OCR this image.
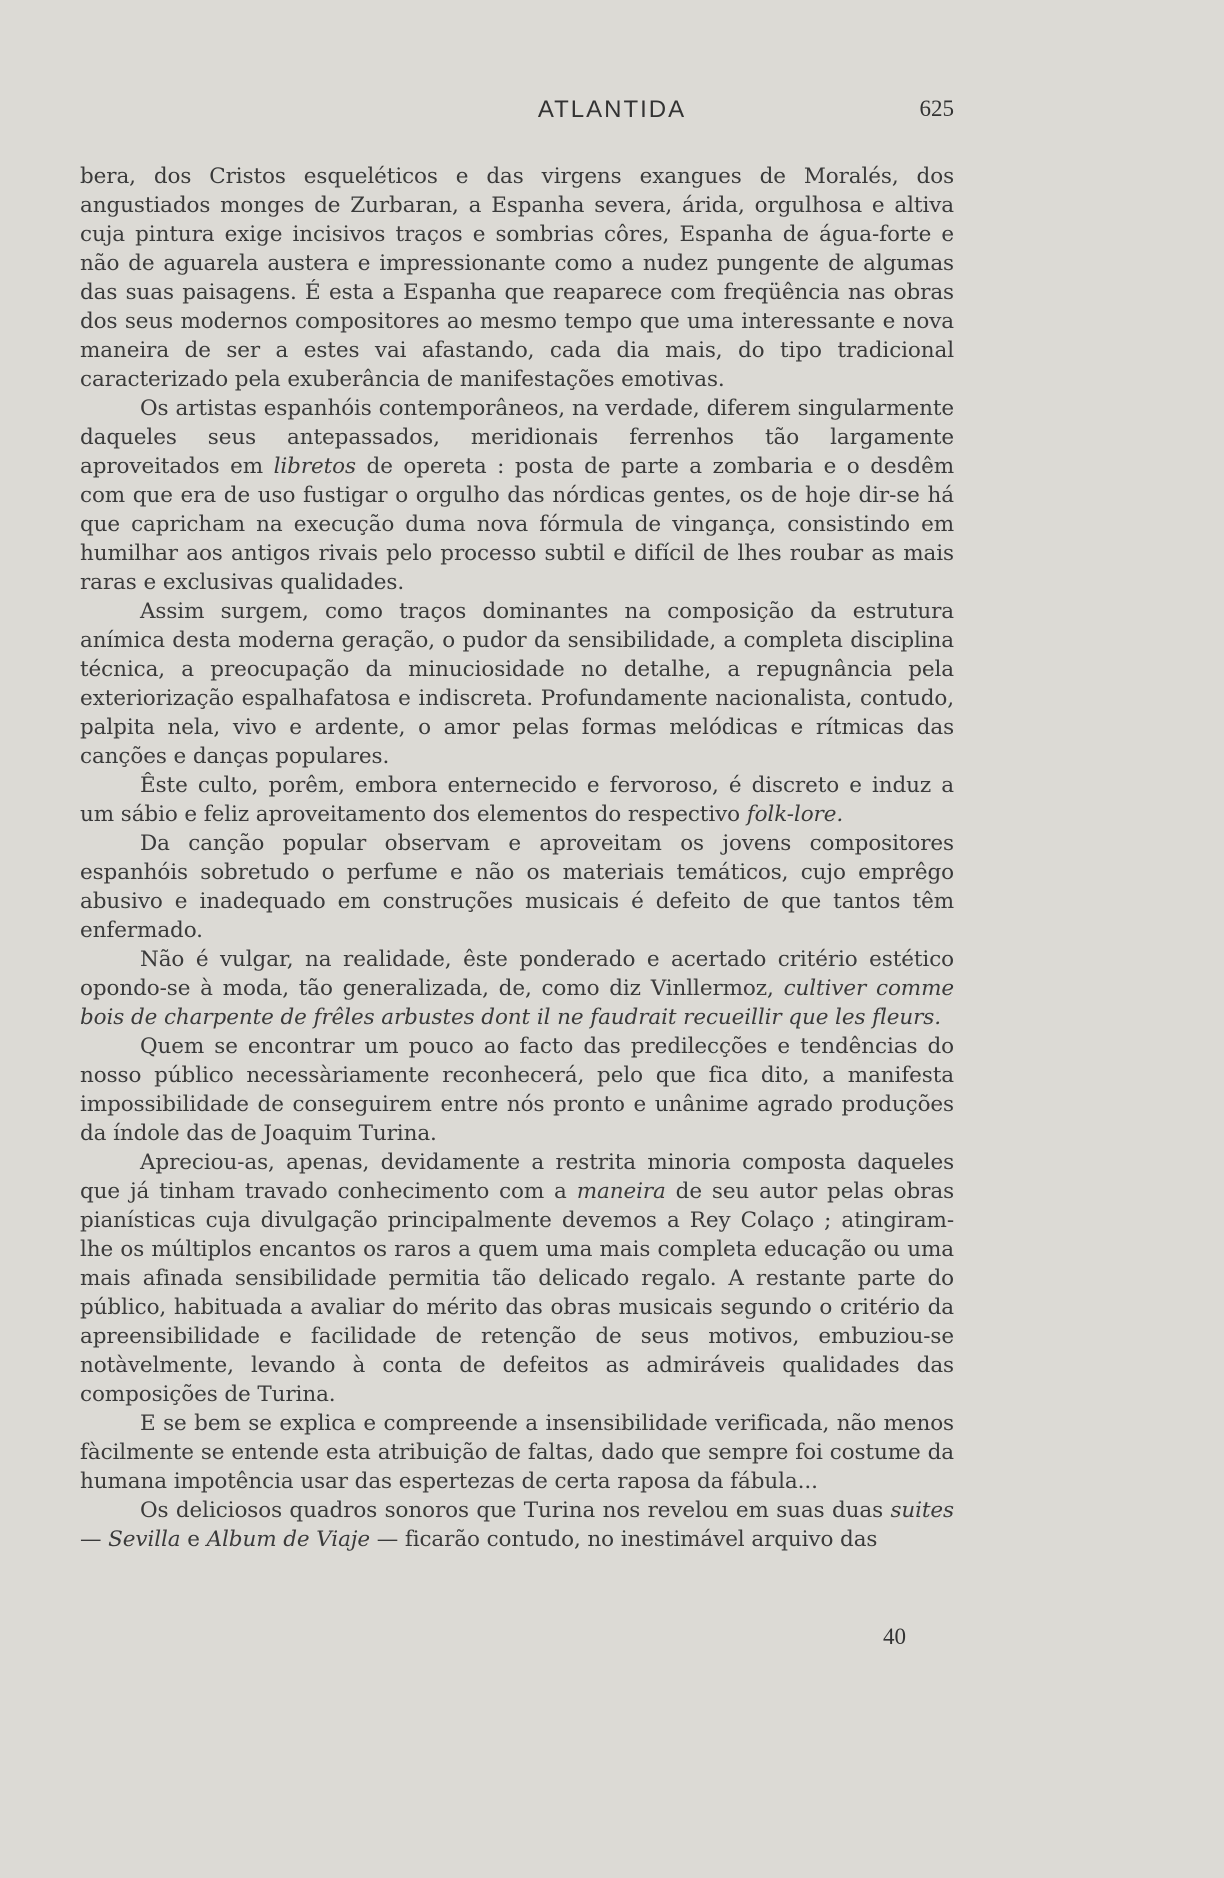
ATLANTIDA	625

bera, dos Cristos esqueléticos e das virgens exangues de Moralés, dos angustiados monges de Zurbaran, a Espanha severa, árida, orgulhosa e altiva cuja pintura exige incisivos traços e sombrias côres, Espanha de água-forte e não de aguarela austera e impressionante como a nudez pungente de algumas das suas paisagens. É esta a Espanha que reaparece com freqüência nas obras dos seus modernos compositores ao mesmo tempo que uma interessante e nova maneira de ser a estes vai afastando, cada dia mais, do tipo tradicional caracterizado pela exuberância de manifestações emotivas.

Os artistas espanhóis contemporâneos, na verdade, diferem singularmente daqueles seus antepassados, meridionais ferrenhos tão largamente aproveitados em libretos de opereta : posta de parte a zombaria e o desdêm com que era de uso fustigar o orgulho das nórdicas gentes, os de hoje dir-se há que capricham na execução duma nova fórmula de vingança, consistindo em humilhar aos antigos rivais pelo processo subtil e difícil de lhes roubar as mais raras e exclusivas qualidades.

Assim surgem, como traços dominantes na composição da estrutura anímica desta moderna geração, o pudor da sensibilidade, a completa disciplina técnica, a preocupação da minuciosidade no detalhe, a repugnância pela exteriorização espalhafatosa e indiscreta. Profundamente nacionalista, contudo, palpita nela, vivo e ardente, o amor pelas formas melódicas e rítmicas das canções e danças populares.

Êste culto, porêm, embora enternecido e fervoroso, é discreto e induz a um sábio e feliz aproveitamento dos elementos do respectivo folk-lore.

Da canção popular observam e aproveitam os jovens compositores espanhóis sobretudo o perfume e não os materiais temáticos, cujo emprêgo abusivo e inadequado em construções musicais é defeito de que tantos têm enfermado.

Não é vulgar, na realidade, êste ponderado e acertado critério estético opondo-se à moda, tão generalizada, de, como diz Vinllermoz, cultiver comme bois de charpente de frêles arbustes dont il ne faudrait recueillir que les fleurs.

Quem se encontrar um pouco ao facto das predilecções e tendências do nosso público necessàriamente reconhecerá, pelo que fica dito, a manifesta impossibilidade de conseguirem entre nós pronto e unânime agrado produções da índole das de Joaquim Turina.

Apreciou-as, apenas, devidamente a restrita minoria composta daqueles que já tinham travado conhecimento com a maneira de seu autor pelas obras pianísticas cuja divulgação principalmente devemos a Rey Colaço ; atingiram-lhe os múltiplos encantos os raros a quem uma mais completa educação ou uma mais afinada sensibilidade permitia tão delicado regalo. A restante parte do público, habituada a avaliar do mérito das obras musicais segundo o critério da apreensibilidade e facilidade de retenção de seus motivos, embuziou-se notàvelmente, levando à conta de defeitos as admiráveis qualidades das composições de Turina.

E se bem se explica e compreende a insensibilidade verificada, não menos fàcilmente se entende esta atribuição de faltas, dado que sempre foi costume da humana impotência usar das espertezas de certa raposa da fábula...

Os deliciosos quadros sonoros que Turina nos revelou em suas duas suites — Sevilla e Album de Viaje — ficarão contudo, no inestimável arquivo das

40
